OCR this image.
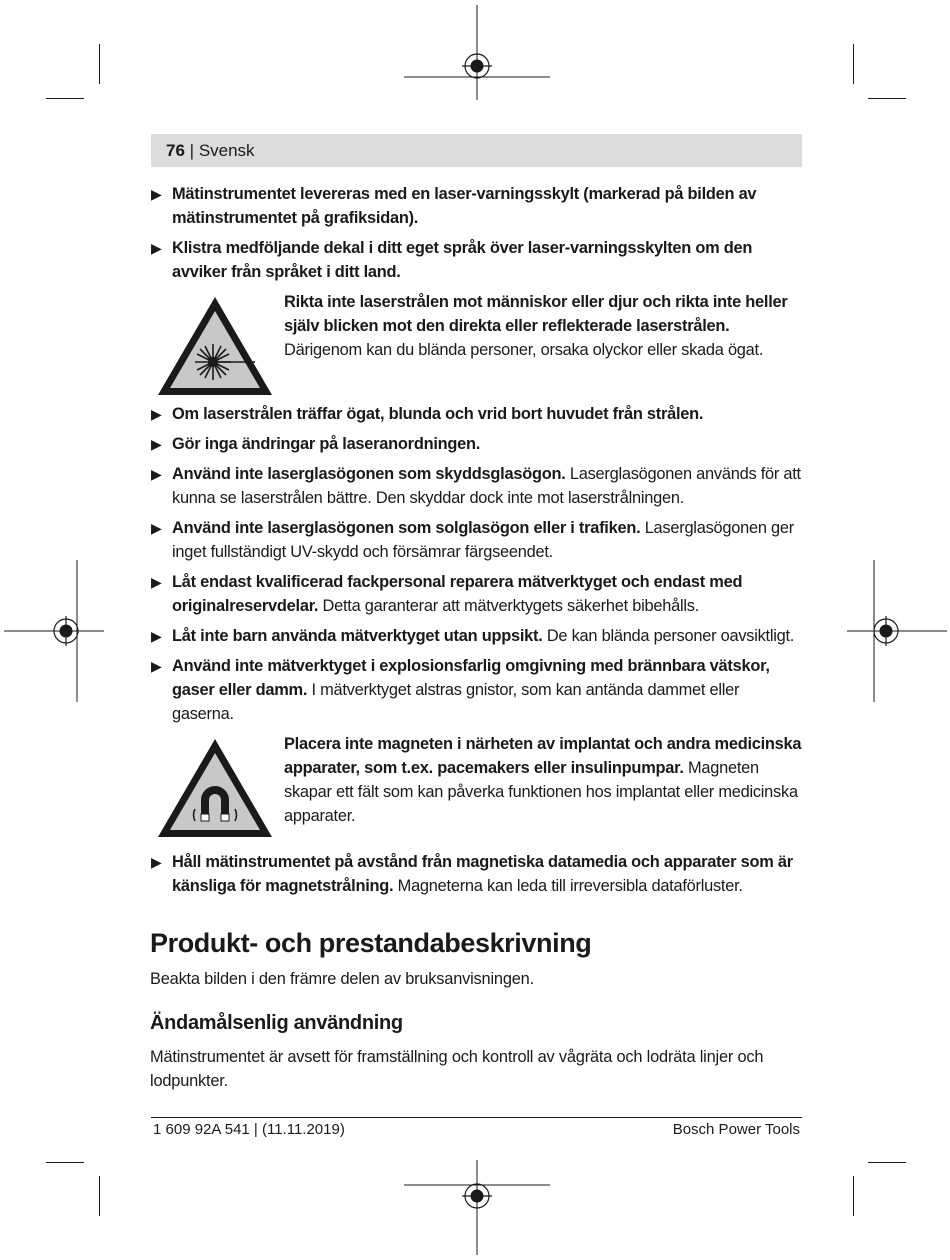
76 | Svensk
▶ Mätinstrumentet levereras med en laser-varningsskylt (markerad på bilden av mätinstrumentet på grafiksidan).
▶ Klistra medföljande dekal i ditt eget språk över laser-varningsskylten om den avviker från språket i ditt land.
Rikta inte laserstrålen mot människor eller djur och rikta inte heller själv blicken mot den direkta eller reflekterade laserstrålen. Därigenom kan du blända personer, orsaka olyckor eller skada ögat.
▶ Om laserstrålen träffar ögat, blunda och vrid bort huvudet från strålen.
▶ Gör inga ändringar på laseranordningen.
▶ Använd inte laserglasögonen som skyddsglasögon. Laserglasögonen används för att kunna se laserstrålen bättre. Den skyddar dock inte mot laserstrålningen.
▶ Använd inte laserglasögonen som solglasögon eller i trafiken. Laserglasögonen ger inget fullständigt UV-skydd och försämrar färgseendet.
▶ Låt endast kvalificerad fackpersonal reparera mätverktyget och endast med originalreservdelar. Detta garanterar att mätverktygets säkerhet bibehålls.
▶ Låt inte barn använda mätverktyget utan uppsikt. De kan blända personer oavsiktligt.
▶ Använd inte mätverktyget i explosionsfarlig omgivning med brännbara vätskor, gaser eller damm. I mätverktyget alstras gnistor, som kan antända dammet eller gaserna.
Placera inte magneten i närheten av implantat och andra medicinska apparater, som t.ex. pacemakers eller insulinpumpar. Magneten skapar ett fält som kan påverka funktionen hos implantat eller medicinska apparater.
▶ Håll mätinstrumentet på avstånd från magnetiska datamedia och apparater som är känsliga för magnetstrålning. Magneterna kan leda till irreversibla dataförluster.
Produkt- och prestandabeskrivning
Beakta bilden i den främre delen av bruksanvisningen.
Ändamålsenlig användning
Mätinstrumentet är avsett för framställning och kontroll av vågräta och lodräta linjer och lodpunkter.
1 609 92A 541 | (11.11.2019)	Bosch Power Tools
